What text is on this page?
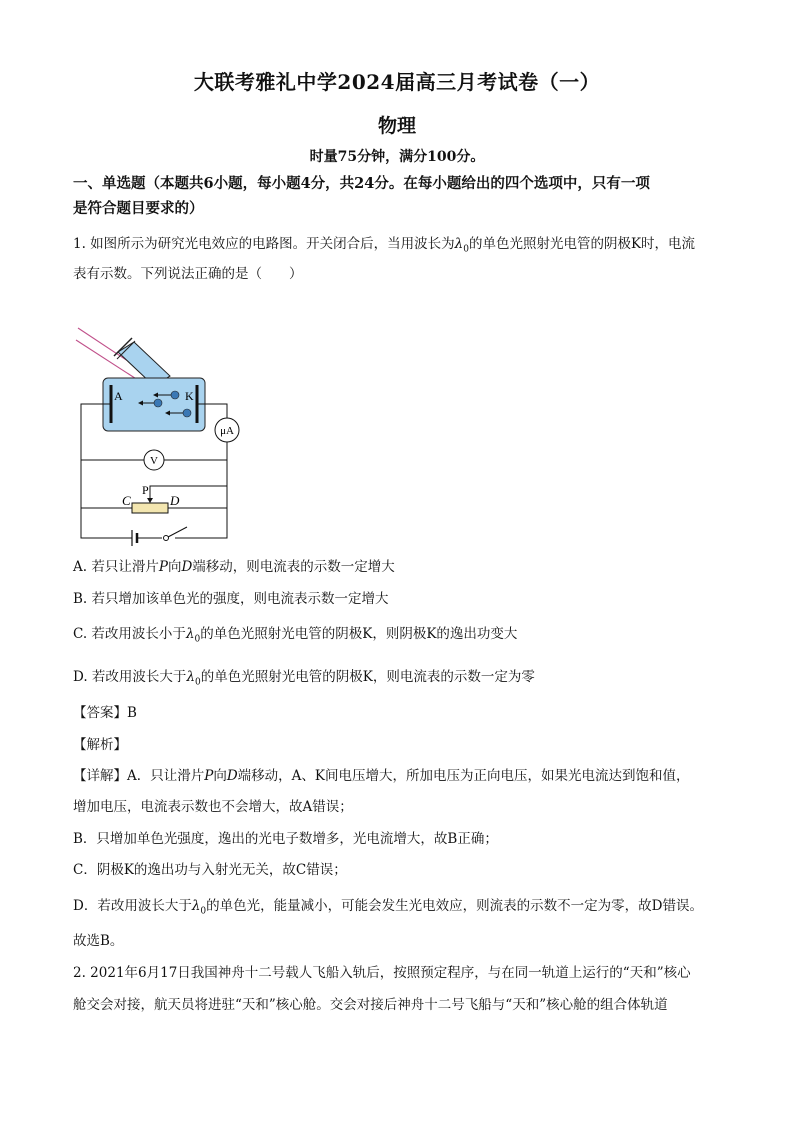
大联考雅礼中学2024届高三月考试卷（一）
物理
时量75分钟，满分100分。
一、单选题（本题共6小题，每小题4分，共24分。在每小题给出的四个选项中，只有一项
是符合题目要求的）
1. 如图所示为研究光电效应的电路图。开关闭合后，当用波长为$\lambda_0$的单色光照射光电管的阴极K时，电流
表有示数。下列说法正确的是（　　）
A	K
μA
V
P
C	D
A. 若只让滑片P向D端移动，则电流表的示数一定增大
B. 若只增加该单色光的强度，则电流表示数一定增大
C. 若改用波长小于$\lambda_0$的单色光照射光电管的阴极K，则阴极K的逸出功变大
D. 若改用波长大于$\lambda_0$的单色光照射光电管的阴极K，则电流表的示数一定为零
【答案】B
【解析】
【详解】A．只让滑片P向D端移动，A、K间电压增大，所加电压为正向电压，如果光电流达到饱和值，
增加电压，电流表示数也不会增大，故A错误；
B．只增加单色光强度，逸出的光电子数增多，光电流增大，故B正确；
C．阴极K的逸出功与入射光无关，故C错误；
D．若改用波长大于$\lambda_0$的单色光，能量减小，可能会发生光电效应，则流表的示数不一定为零，故D错误。
故选B。
2. 2021年6月17日我国神舟十二号载人飞船入轨后，按照预定程序，与在同一轨道上运行的“天和”核心
舱交会对接，航天员将进驻“天和”核心舱。交会对接后神舟十二号飞船与“天和”核心舱的组合体轨道
